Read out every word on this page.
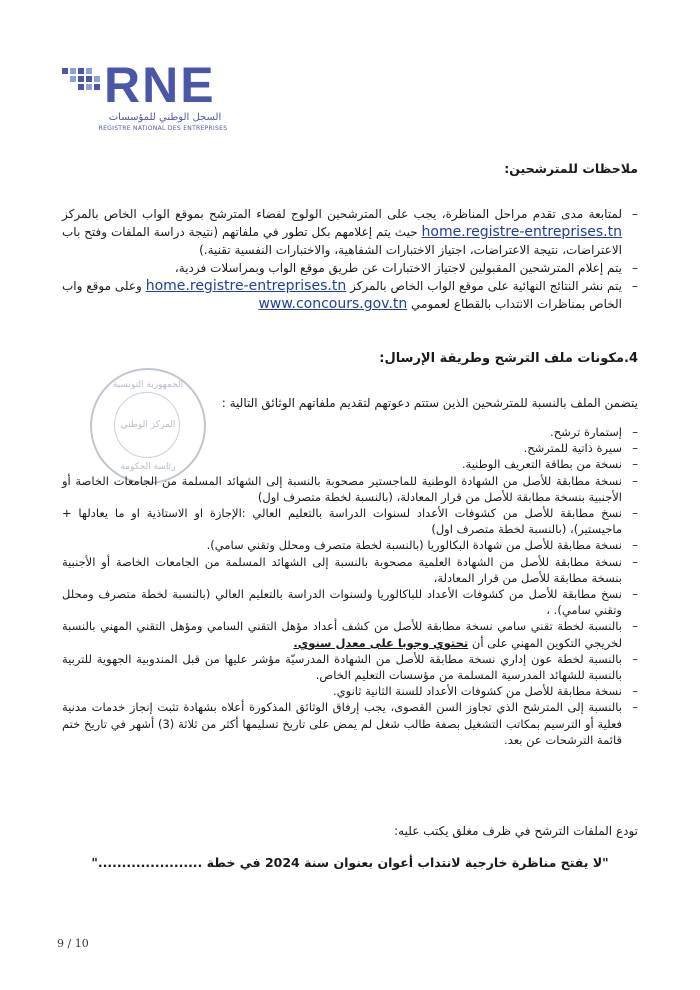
RNE
السجل الوطني للمؤسسات
REGISTRE NATIONAL DES ENTREPRISES
ملاحظات للمترشحين:
– لمتابعة مدى تقدم مراحل المناظرة، يجب على المترشحين الولوج لفضاء المترشح بموقع الواب الخاص بالمركز home.registre-entreprises.tn حيث يتم إعلامهم بكل تطور في ملفاتهم (نتيجة دراسة الملفات وفتح باب الاعتراضات، نتيجة الاعتراضات، اجتياز الاختبارات الشفاهية، والاختبارات النفسية تقنية.)
– يتم إعلام المترشحين المقبولين لاجتياز الاختبارات عن طريق موقع الواب وبمراسلات فردية،
– يتم نشر النتائج النهائية على موقع الواب الخاص بالمركز home.registre-entreprises.tn وعلى موقع واب الخاص بمناظرات الانتداب بالقطاع لعمومي www.concours.gov.tn
4.مكونات ملف الترشح وطريقة الإرسال:
الجمهورية التونسية
المركز الوطني
رئاسة الحكومة
يتضمن الملف بالنسبة للمترشحين الذين ستتم دعوتهم لتقديم ملفاتهم الوثائق التالية :
– إستمارة ترشح.
– سيرة ذاتية للمترشح.
– نسخة من بطاقة التعريف الوطنية.
– نسخة مطابقة للأصل من الشهادة الوطنية للماجستير مصحوبة بالنسبة إلى الشهائد المسلمة من الجامعات الخاصة أو الأجنبية بنسخة مطابقة للأصل من قرار المعادلة، (بالنسبة لخطة متصرف اول)
– نسخ مطابقة للأصل من كشوفات الأعداد لسنوات الدراسة بالتعليم العالي :الإجازة او الاستاذية او ما يعادلها + ماجيستير)، (بالنسبة لخطة متصرف اول)
– نسخة مطابقة للأصل من شهادة البكالوريا (بالنسبة لخطة متصرف ومحلل وتقني سامي).
– نسخة مطابقة للأصل من الشهادة العلمية مصحوبة بالنسبة إلى الشهائد المسلمة من الجامعات الخاصة أو الأجنبية بنسخة مطابقة للأصل من قرار المعادلة،
– نسخ مطابقة للأصل من كشوفات الأعداد للباكالوريا ولسنوات الدراسة بالتعليم العالي (بالنسبة لخطة متصرف ومحلل وتقني سامي). ،
– بالنسبة لخطة تقني سامي نسخة مطابقة للأصل من كشف أعداد مؤهل التقني السامي ومؤهل التقني المهني بالنسبة لخريجي التكوين المهني على أن تحتوي وجوبا على معدل سنوي.
– بالنسبة لخطة عون إداري نسخة مطابقة للأصل من الشهادة المدرسيّة مؤشر عليها من قبل المندوبية الجهوية للتربية بالنسبة للشهائد المدرسية المسلمة من مؤسسات التعليم الخاص.
– نسخة مطابقة للأصل من كشوفات الأعداد للسنة الثانية ثانوي.
– بالنسبة إلى المترشح الذي تجاوز السن القصوى، يجب إرفاق الوثائق المذكورة أعلاه بشهادة تثبت إنجاز خدمات مدنية فعلية أو الترسيم بمكاتب التشغيل بصفة طالب شغل لم يمض على تاريخ تسليمها أكثر من ثلاثة (3) أشهر في تاريخ ختم قائمة الترشحات عن بعد.
تودع الملفات الترشح في ظرف مغلق يكتب عليه:
"لا يفتح مناظرة خارجية لانتداب أعوان بعنوان سنة 2024 في خطة ......................"
9 / 10
